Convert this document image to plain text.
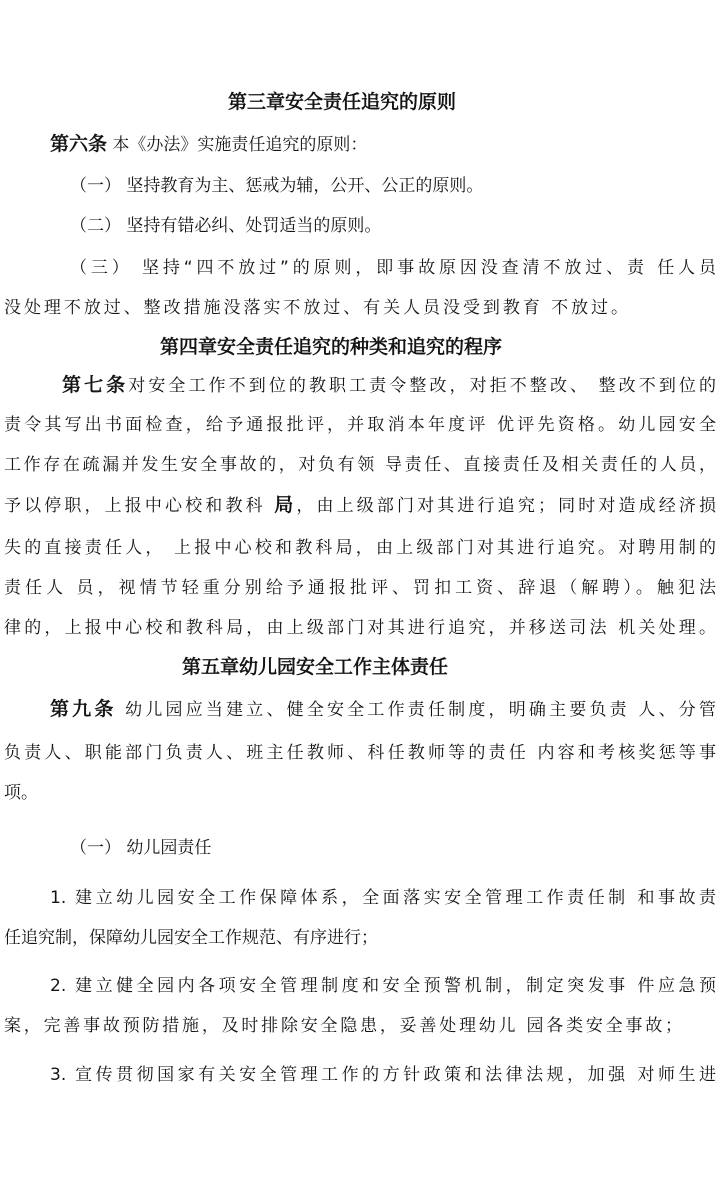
第三章安全责任追究的原则
第六条 本《办法》实施责任追究的原则：
（一） 坚持教育为主、惩戒为辅，公开、公正的原则。
（二） 坚持有错必纠、处罚适当的原则。
（三） 坚持“四不放过”的原则，即事故原因没查清不放过、责 任人员
没处理不放过、整改措施没落实不放过、有关人员没受到教育 不放过。
第四章安全责任追究的种类和追究的程序
第七条对安全工作不到位的教职工责令整改，对拒不整改、 整改不到位的
责令其写出书面检查，给予通报批评，并取消本年度评 优评先资格。幼儿园安全
工作存在疏漏并发生安全事故的，对负有领 导责任、直接责任及相关责任的人员，
予以停职，上报中心校和教科 局，由上级部门对其进行追究；同时对造成经济损
失的直接责任人， 上报中心校和教科局，由上级部门对其进行追究。对聘用制的
责任人 员，视情节轻重分别给予通报批评、罚扣工资、辞退（解聘）。触犯法
律的，上报中心校和教科局，由上级部门对其进行追究，并移送司法 机关处理。
第五章幼儿园安全工作主体责任
第九条 幼儿园应当建立、健全安全工作责任制度，明确主要负责 人、分管
负责人、职能部门负责人、班主任教师、科任教师等的责任 内容和考核奖惩等事
项。
（一） 幼儿园责任
1. 建立幼儿园安全工作保障体系，全面落实安全管理工作责任制 和事故责
任追究制，保障幼儿园安全工作规范、有序进行；
2. 建立健全园内各项安全管理制度和安全预警机制，制定突发事 件应急预
案，完善事故预防措施，及时排除安全隐患，妥善处理幼儿 园各类安全事故；
3. 宣传贯彻国家有关安全管理工作的方针政策和法律法规，加强 对师生进
